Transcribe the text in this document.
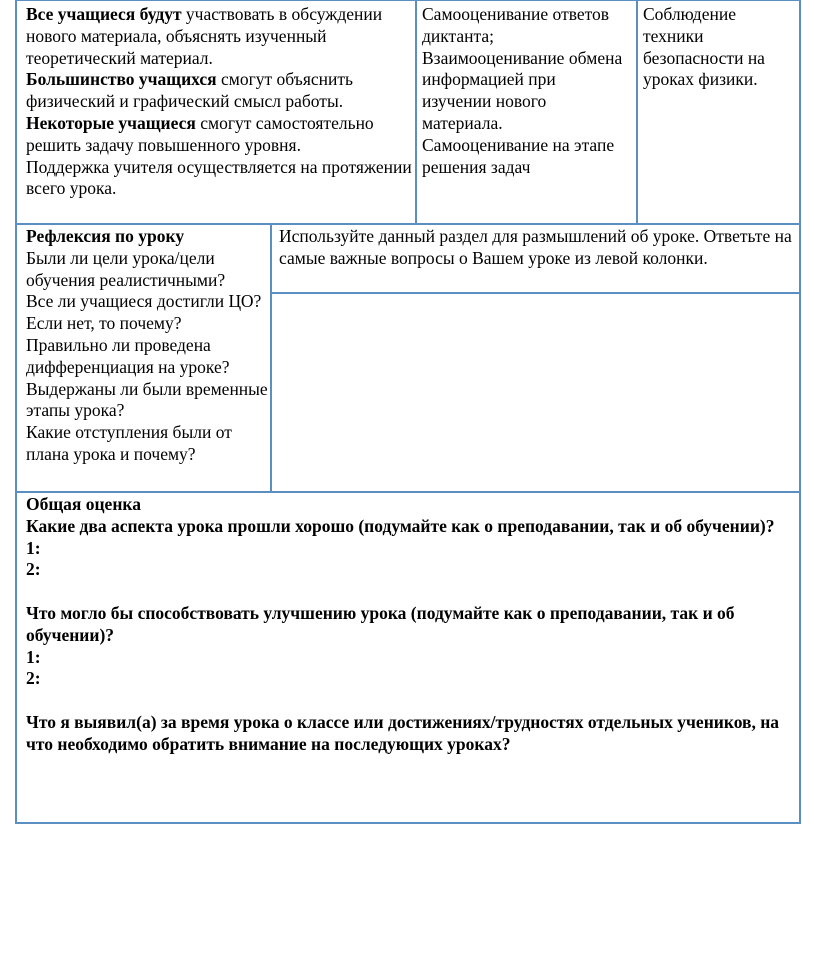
Все учащиеся будут участвовать в обсуждении нового материала, объяснять изученный теоретический материал.

Большинство учащихся смогут объяснить физический и графический смысл работы.

Некоторые учащиеся смогут самостоятельно решить задачу повышенного уровня.

Поддержка учителя осуществляется на протяжении всего урока.

Самооценивание ответов диктанта; Взаимооценивание обмена информацией при изучении нового материала. Самооценивание на этапе решения задач

Соблюдение техники безопасности на уроках физики.

Рефлексия по уроку

Были ли цели урока/цели обучения реалистичными?

Все ли учащиеся достигли ЦО?

Если нет, то почему?

Правильно ли проведена дифференциация на уроке?

Выдержаны ли были временные этапы урока?

Какие отступления были от плана урока и почему?

Используйте данный раздел для размышлений об уроке. Ответьте на самые важные вопросы о Вашем уроке из левой колонки.

Общая оценка

Какие два аспекта урока прошли хорошо (подумайте как о преподавании, так и об обучении)?

1:

2:

Что могло бы способствовать улучшению урока (подумайте как о преподавании, так и об обучении)?

1:

2:

Что я выявил(а) за время урока о классе или достижениях/трудностях отдельных учеников, на что необходимо обратить внимание на последующих уроках?
